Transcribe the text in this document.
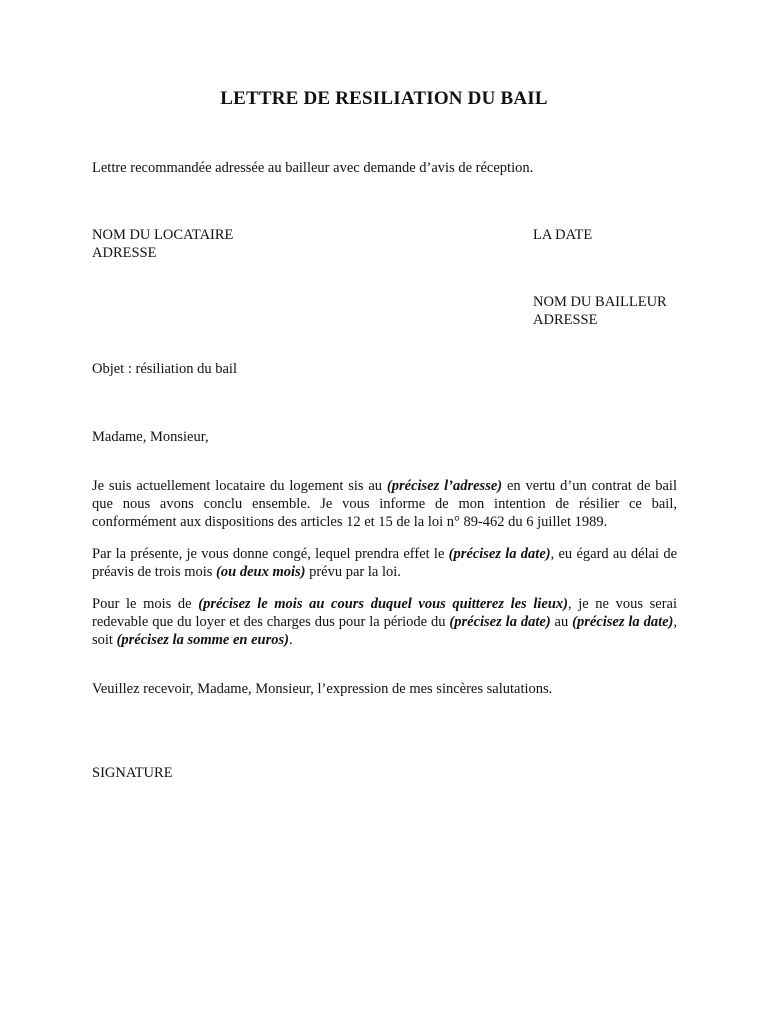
LETTRE DE RESILIATION DU BAIL

Lettre recommandée adressée au bailleur avec demande d’avis de réception.

NOM DU LOCATAIRE
ADRESSE
LA DATE
NOM DU BAILLEUR
ADRESSE

Objet : résiliation du bail

Madame, Monsieur,

Je suis actuellement locataire du logement sis au (précisez l’adresse) en vertu d’un contrat de bail que nous avons conclu ensemble. Je vous informe de mon intention de résilier ce bail, conformément aux dispositions des articles 12 et 15 de la loi n° 89-462 du 6 juillet 1989.

Par la présente, je vous donne congé, lequel prendra effet le (précisez la date), eu égard au délai de préavis de trois mois (ou deux mois) prévu par la loi.

Pour le mois de (précisez le mois au cours duquel vous quitterez les lieux), je ne vous serai redevable que du loyer et des charges dus pour la période du (précisez la date) au (précisez la date), soit (précisez la somme en euros).

Veuillez recevoir, Madame, Monsieur, l’expression de mes sincères salutations.

SIGNATURE
